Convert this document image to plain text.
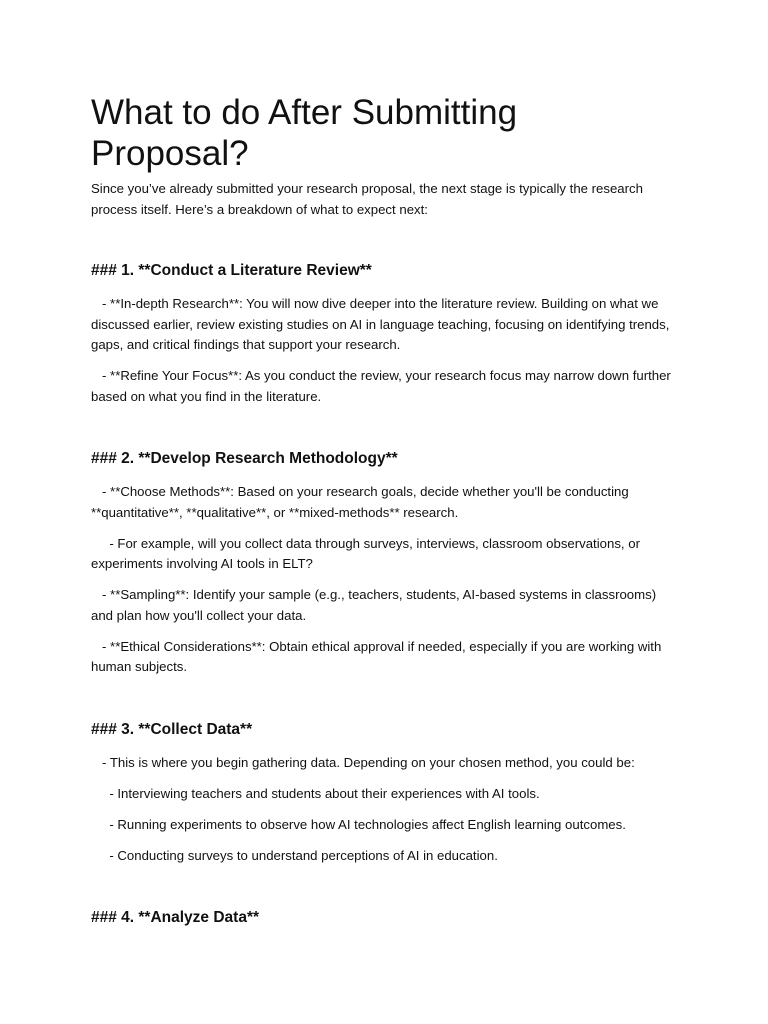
What to do After Submitting Proposal?

Since you’ve already submitted your research proposal, the next stage is typically the research process itself. Here’s a breakdown of what to expect next:

### 1. **Conduct a Literature Review**

- **In-depth Research**: You will now dive deeper into the literature review. Building on what we discussed earlier, review existing studies on AI in language teaching, focusing on identifying trends, gaps, and critical findings that support your research.

- **Refine Your Focus**: As you conduct the review, your research focus may narrow down further based on what you find in the literature.

### 2. **Develop Research Methodology**

- **Choose Methods**: Based on your research goals, decide whether you'll be conducting **quantitative**, **qualitative**, or **mixed-methods** research.

- For example, will you collect data through surveys, interviews, classroom observations, or experiments involving AI tools in ELT?

- **Sampling**: Identify your sample (e.g., teachers, students, AI-based systems in classrooms) and plan how you'll collect your data.

- **Ethical Considerations**: Obtain ethical approval if needed, especially if you are working with human subjects.

### 3. **Collect Data**

- This is where you begin gathering data. Depending on your chosen method, you could be:

- Interviewing teachers and students about their experiences with AI tools.

- Running experiments to observe how AI technologies affect English learning outcomes.

- Conducting surveys to understand perceptions of AI in education.

### 4. **Analyze Data**
